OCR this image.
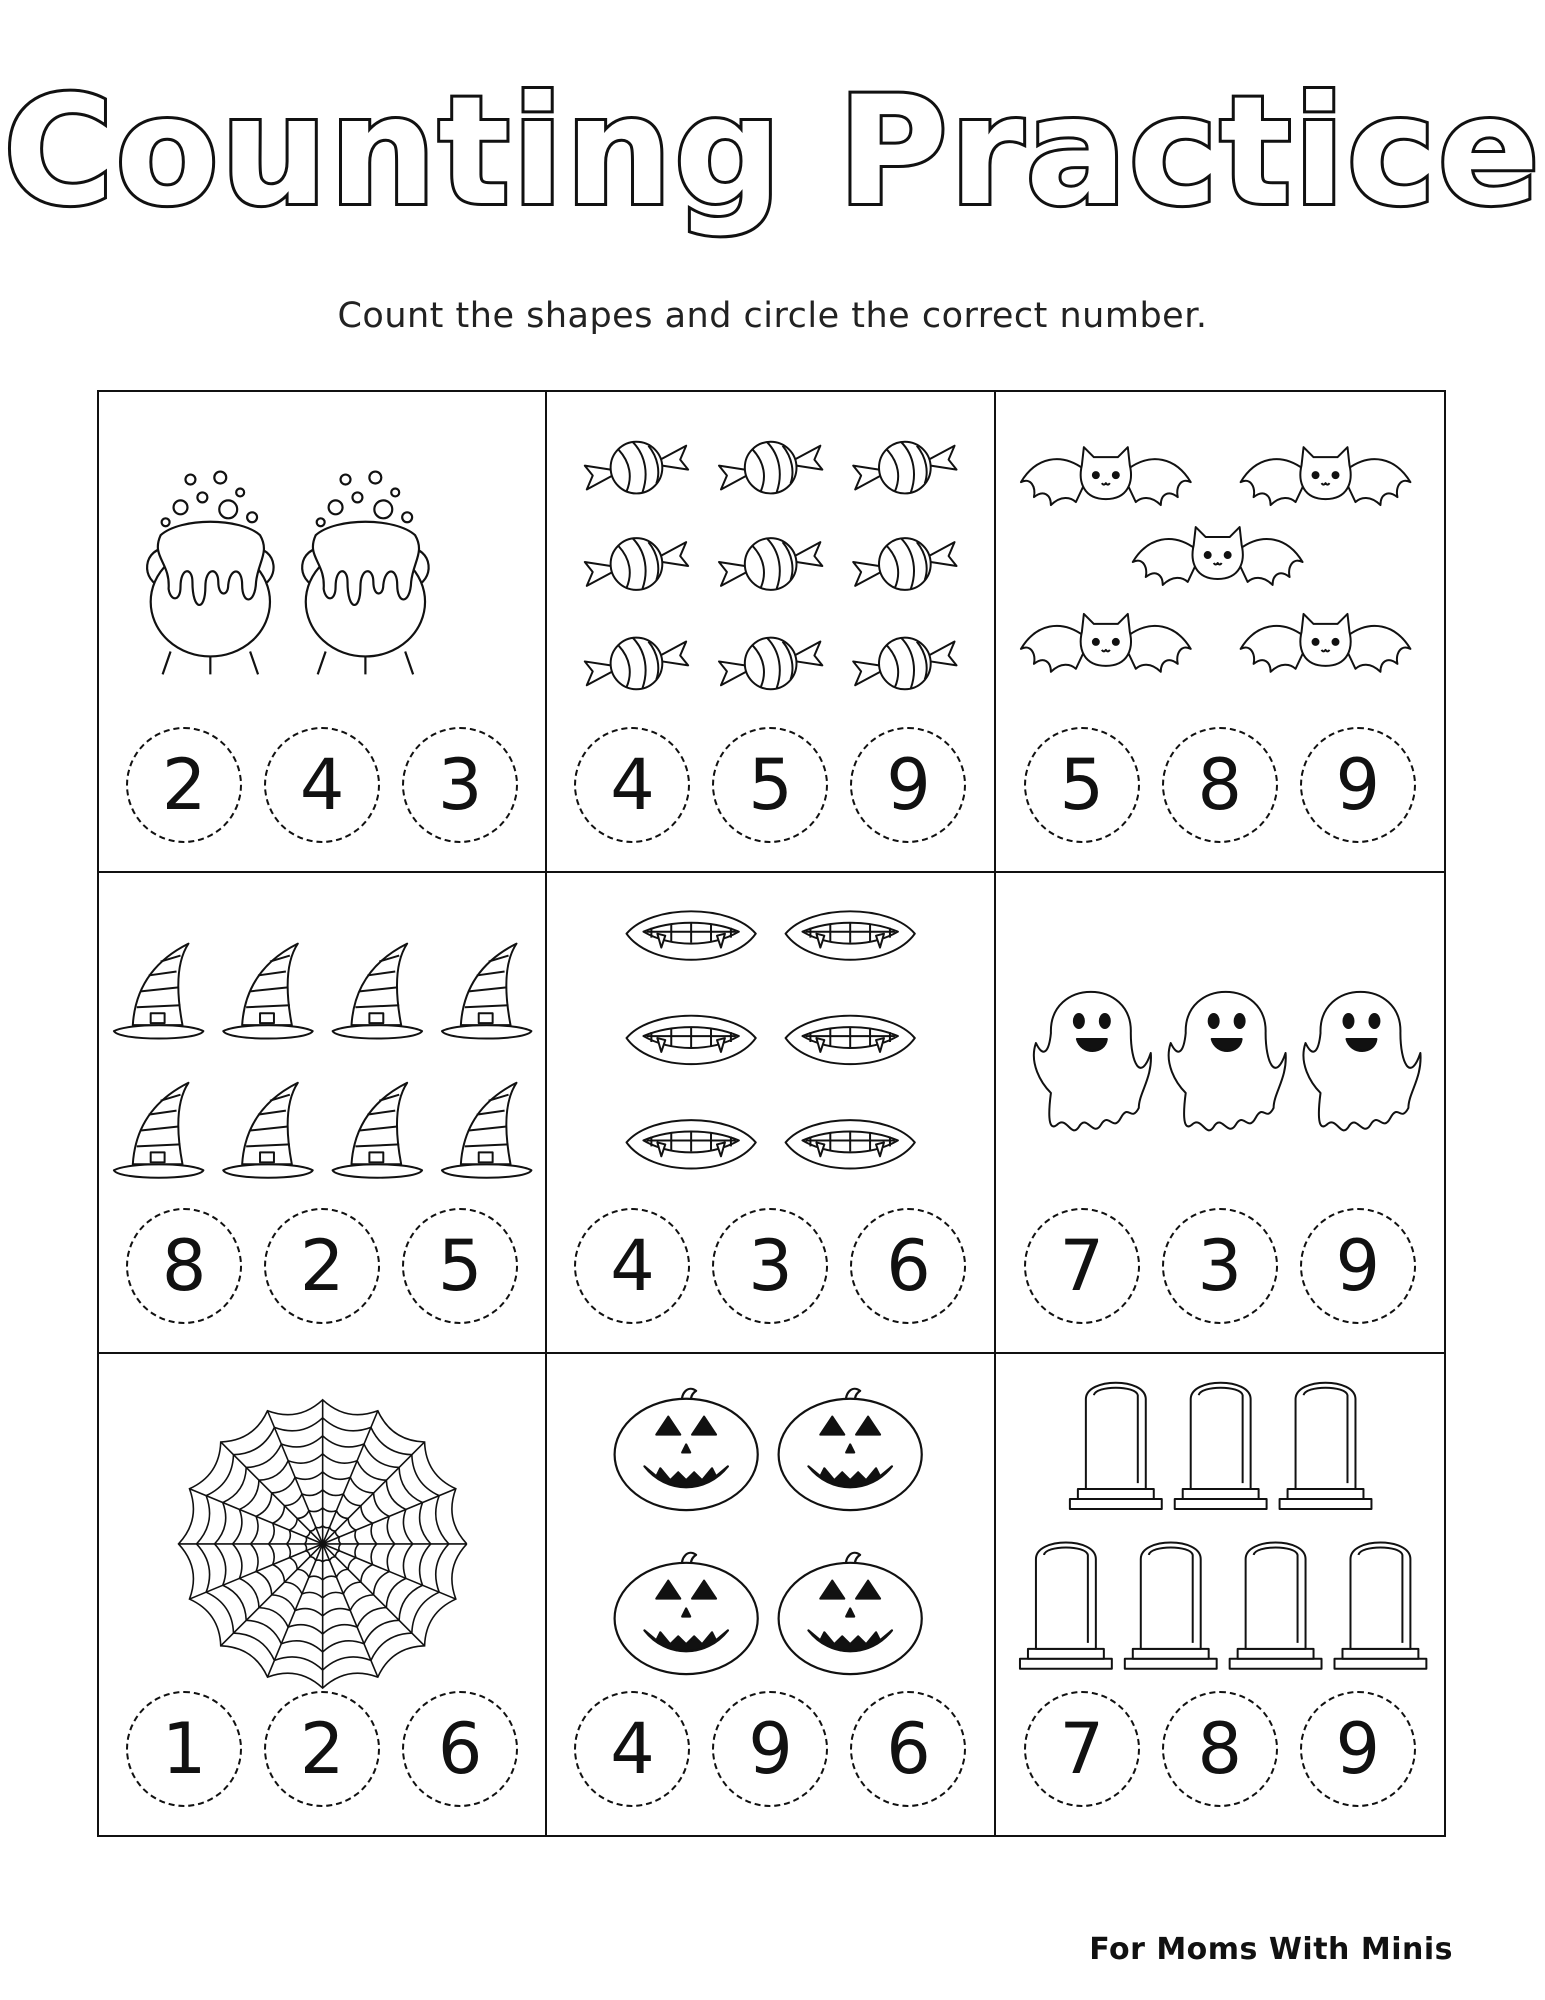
Counting Practice
Count the shapes and circle the correct number.
2	4	3	4	5	9	5	8	9
8	2	5	4	3	6	7	3	9
1	2	6	4	9	6	7	8	9
For Moms With Minis
